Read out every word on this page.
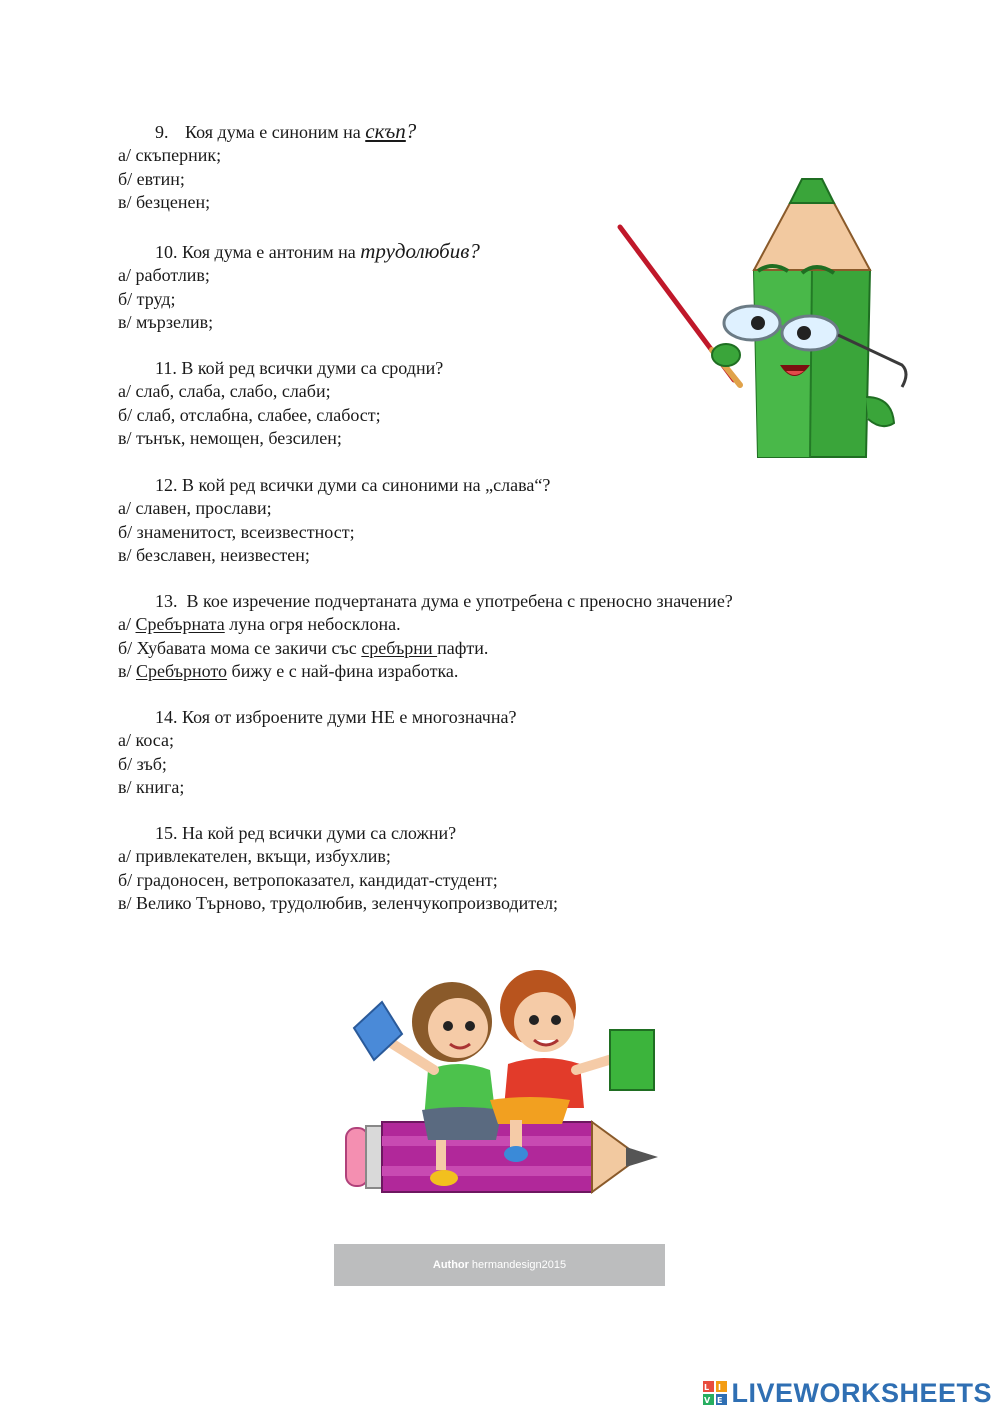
9. Коя дума е синоним на скъп?
а/ скъперник;
б/ евтин;
в/ безценен;
10. Коя дума е антоним на трудолюбив?
а/ работлив;
б/ труд;
в/ мързелив;
11. В кой ред всички думи са сродни?
а/ слаб, слаба, слабо, слаби;
б/ слаб, отслабна, слабее, слабост;
в/ тънък, немощен, безсилен;
12. В кой ред всички думи са синоними на „слава“?
а/ славен, прослави;
б/ знаменитост, всеизвестност;
в/ безславен, неизвестен;
13. В кое изречение подчертаната дума е употребена с преносно значение?
а/ Сребърната луна огря небосклона.
б/ Хубавата мома се закичи със сребърни пафти.
в/ Сребърното бижу е с най-фина изработка.
14. Коя от изброените думи НЕ е многозначна?
а/ коса;
б/ зъб;
в/ книга;
15. На кой ред всички думи са сложни?
а/ привлекателен, вкъщи, избухлив;
б/ градоносен, ветропоказател, кандидат-студент;
в/ Велико Търново, трудолюбив, зеленчукопроизводител;
Author hermandesign2015
L I
V E LIVEWORKSHEETS
